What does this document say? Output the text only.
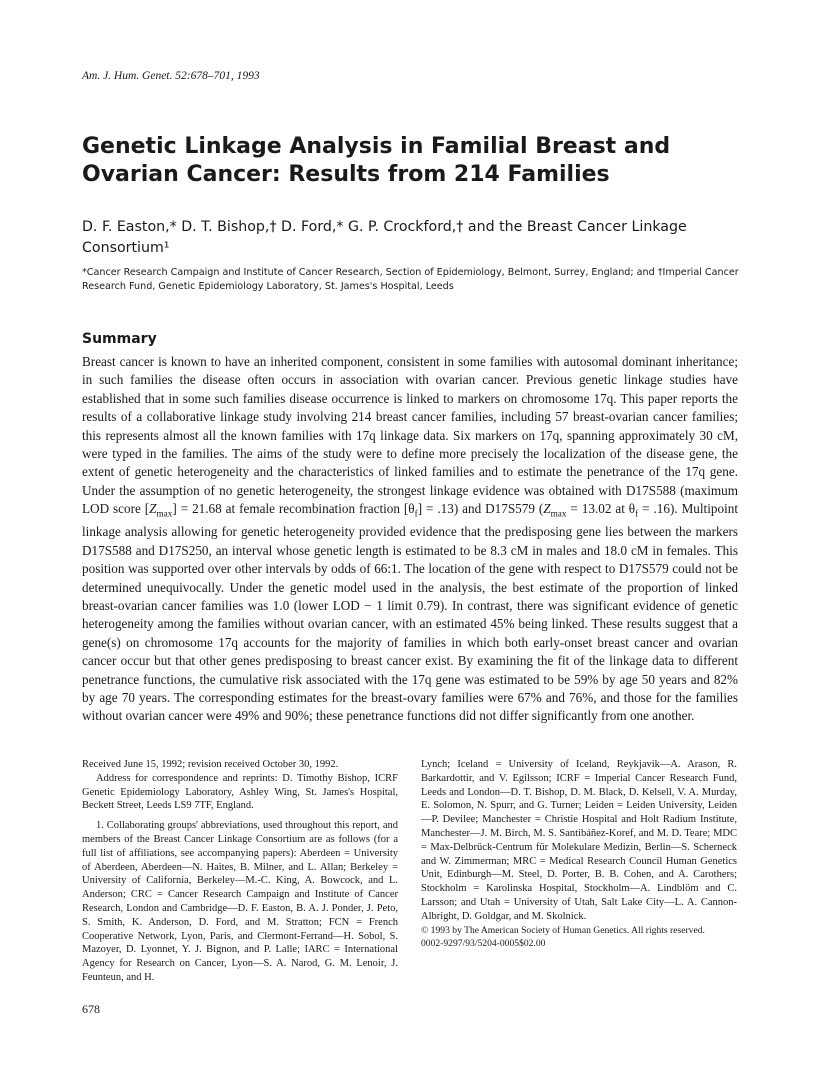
Am. J. Hum. Genet. 52:678–701, 1993
Genetic Linkage Analysis in Familial Breast and Ovarian Cancer: Results from 214 Families
D. F. Easton,* D. T. Bishop,† D. Ford,* G. P. Crockford,† and the Breast Cancer Linkage Consortium¹
*Cancer Research Campaign and Institute of Cancer Research, Section of Epidemiology, Belmont, Surrey, England; and †Imperial Cancer Research Fund, Genetic Epidemiology Laboratory, St. James's Hospital, Leeds
Summary

Breast cancer is known to have an inherited component, consistent in some families with autosomal dominant inheritance; in such families the disease often occurs in association with ovarian cancer. Previous genetic linkage studies have established that in some such families disease occurrence is linked to markers on chromosome 17q. This paper reports the results of a collaborative linkage study involving 214 breast cancer families, including 57 breast-ovarian cancer families; this represents almost all the known families with 17q linkage data. Six markers on 17q, spanning approximately 30 cM, were typed in the families. The aims of the study were to define more precisely the localization of the disease gene, the extent of genetic heterogeneity and the characteristics of linked families and to estimate the penetrance of the 17q gene. Under the assumption of no genetic heterogeneity, the strongest linkage evidence was obtained with D17S588 (maximum LOD score $[Z_{max}] = 21.68$ at female recombination fraction $[\theta_f] = .13$) and D17S579 ($Z_{max} = 13.02$ at $\theta_f = .16$). Multipoint linkage analysis allowing for genetic heterogeneity provided evidence that the predisposing gene lies between the markers D17S588 and D17S250, an interval whose genetic length is estimated to be 8.3 cM in males and 18.0 cM in females. This position was supported over other intervals by odds of 66:1. The location of the gene with respect to D17S579 could not be determined unequivocally. Under the genetic model used in the analysis, the best estimate of the proportion of linked breast-ovarian cancer families was 1.0 (lower LOD − 1 limit 0.79). In contrast, there was significant evidence of genetic heterogeneity among the families without ovarian cancer, with an estimated 45% being linked. These results suggest that a gene(s) on chromosome 17q accounts for the majority of families in which both early-onset breast cancer and ovarian cancer occur but that other genes predisposing to breast cancer exist. By examining the fit of the linkage data to different penetrance functions, the cumulative risk associated with the 17q gene was estimated to be 59% by age 50 years and 82% by age 70 years. The corresponding estimates for the breast-ovary families were 67% and 76%, and those for the families without ovarian cancer were 49% and 90%; these penetrance functions did not differ significantly from one another.

Received June 15, 1992; revision received October 30, 1992.

Address for correspondence and reprints: D. Timothy Bishop, ICRF Genetic Epidemiology Laboratory, Ashley Wing, St. James's Hospital, Beckett Street, Leeds LS9 7TF, England.

1. Collaborating groups' abbreviations, used throughout this report, and members of the Breast Cancer Linkage Consortium are as follows (for a full list of affiliations, see accompanying papers): Aberdeen = University of Aberdeen, Aberdeen—N. Haites, B. Milner, and L. Allan; Berkeley = University of California, Berkeley—M.-C. King, A. Bowcock, and L. Anderson; CRC = Cancer Research Campaign and Institute of Cancer Research, London and Cambridge—D. F. Easton, B. A. J. Ponder, J. Peto, S. Smith, K. Anderson, D. Ford, and M. Stratton; FCN = French Cooperative Network, Lyon, Paris, and Clermont-Ferrand—H. Sobol, S. Mazoyer, D. Lyonnet, Y. J. Bignon, and P. Lalle; IARC = International Agency for Research on Cancer, Lyon—S. A. Narod, G. M. Lenoir, J. Feunteun, and H.

Lynch; Iceland = University of Iceland, Reykjavik—A. Arason, R. Barkardottir, and V. Egilsson; ICRF = Imperial Cancer Research Fund, Leeds and London—D. T. Bishop, D. M. Black, D. Kelsell, V. A. Murday, E. Solomon, N. Spurr, and G. Turner; Leiden = Leiden University, Leiden—P. Devilee; Manchester = Christie Hospital and Holt Radium Institute, Manchester—J. M. Birch, M. S. Santibáñez-Koref, and M. D. Teare; MDC = Max-Delbrück-Centrum für Molekulare Medizin, Berlin—S. Scherneck and W. Zimmerman; MRC = Medical Research Council Human Genetics Unit, Edinburgh—M. Steel, D. Porter, B. B. Cohen, and A. Carothers; Stockholm = Karolinska Hospital, Stockholm—A. Lindblöm and C. Larsson; and Utah = University of Utah, Salt Lake City—L. A. Cannon-Albright, D. Goldgar, and M. Skolnick.

© 1993 by The American Society of Human Genetics. All rights reserved.

0002-9297/93/5204-0005$02.00

678
